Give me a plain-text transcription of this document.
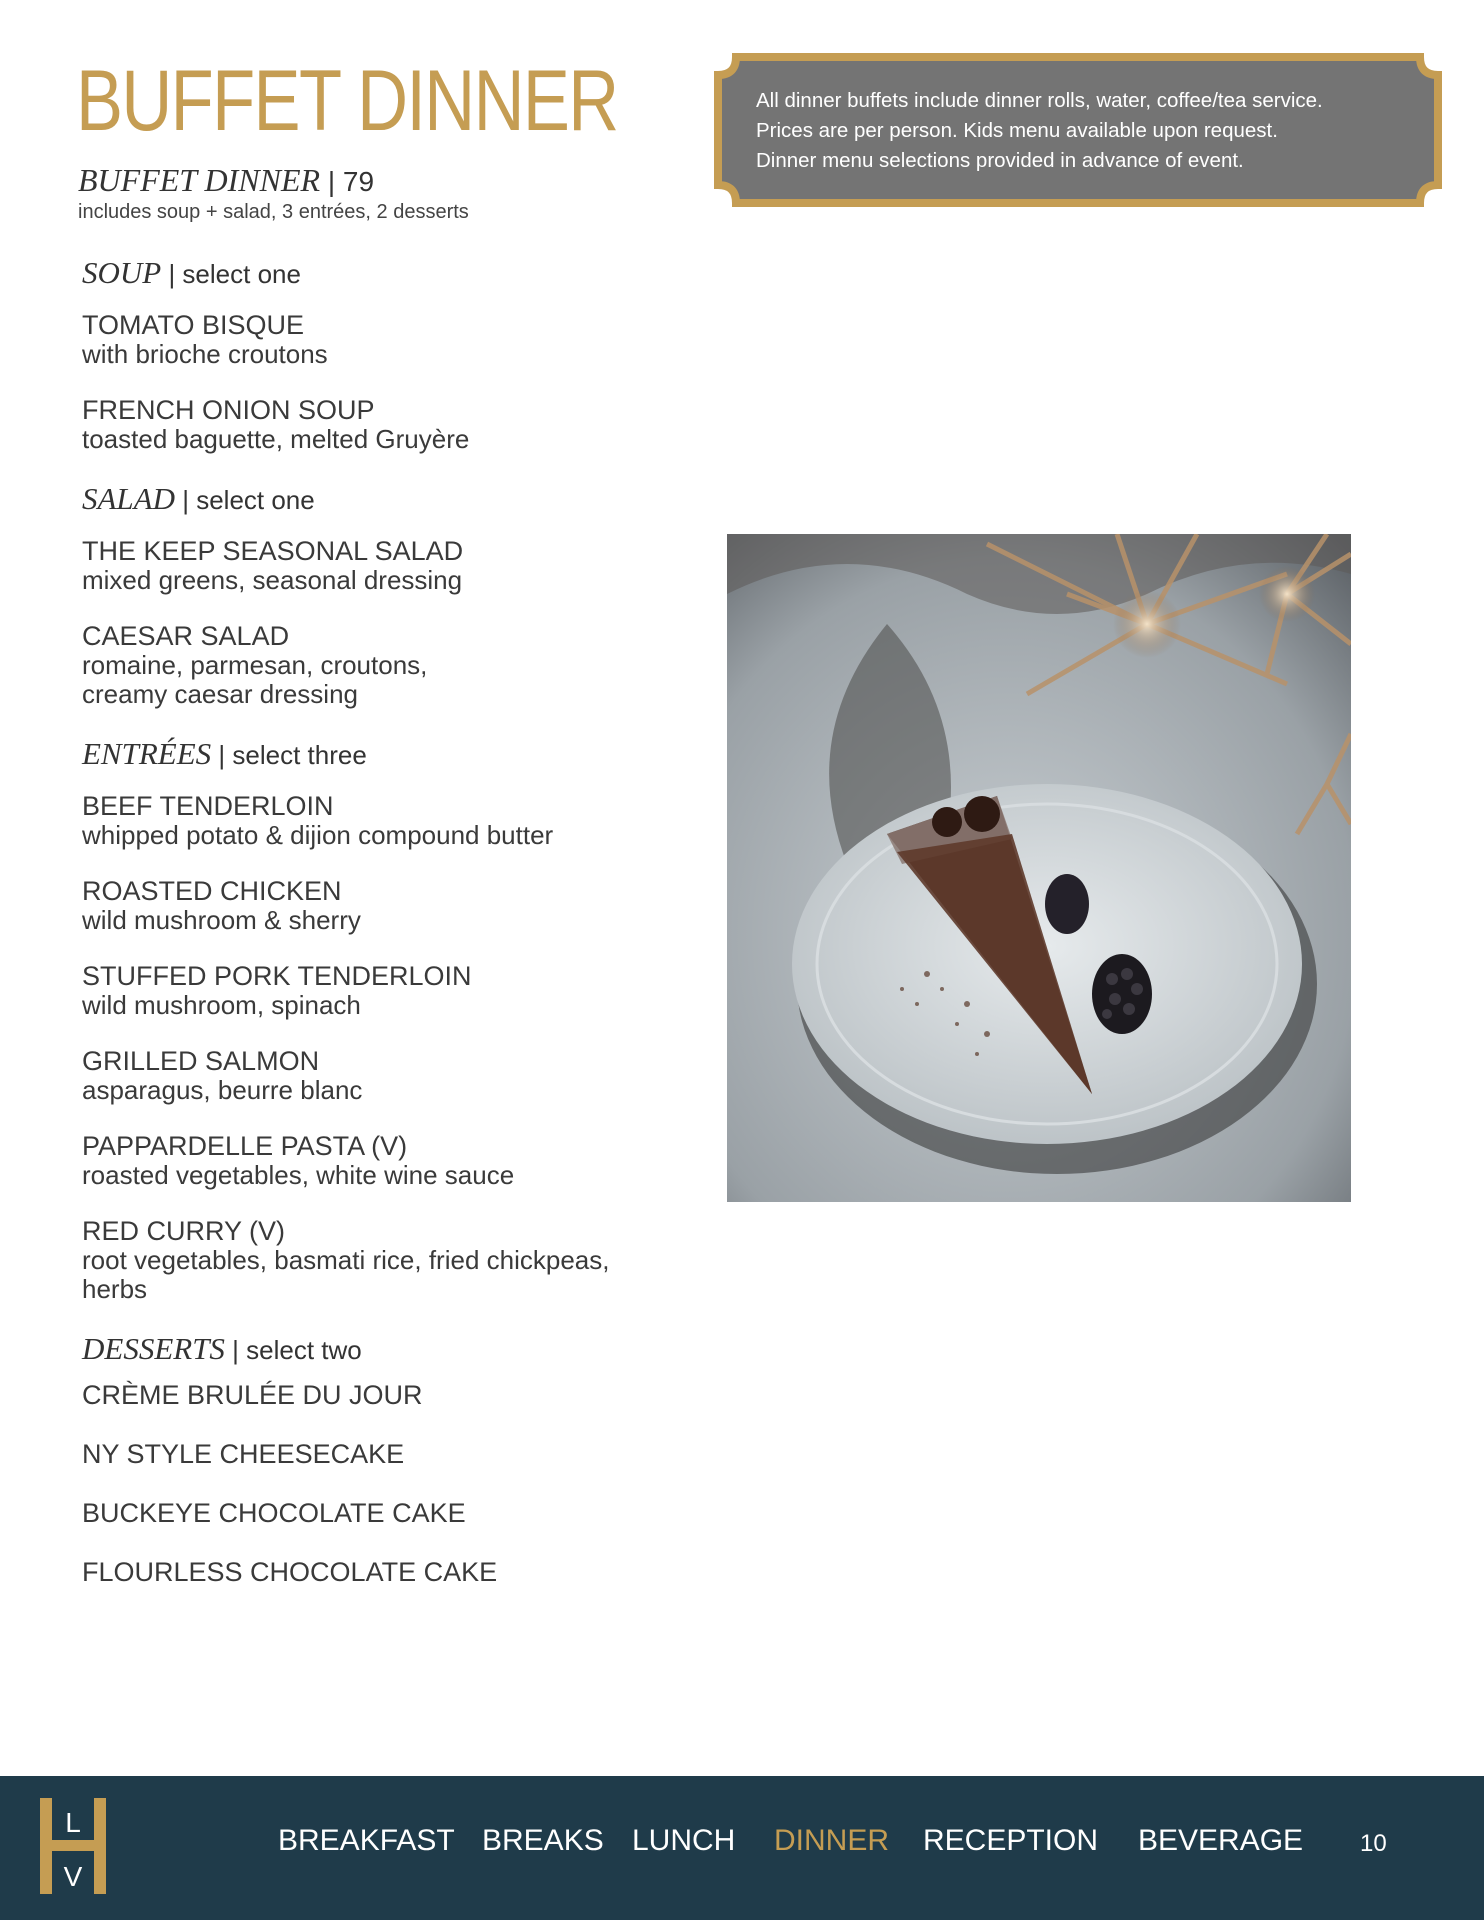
BUFFET DINNER
BUFFET DINNER | 79
includes soup + salad, 3 entrées, 2 desserts
All dinner buffets include dinner rolls, water, coffee/tea service.
Prices are per person. Kids menu available upon request.
Dinner menu selections provided in advance of event.
SOUP | select one
TOMATO BISQUE
with brioche croutons
FRENCH ONION SOUP
toasted baguette, melted Gruyère
SALAD | select one
THE KEEP SEASONAL SALAD
mixed greens, seasonal dressing
CAESAR SALAD
romaine, parmesan, croutons, creamy caesar dressing
ENTRÉES | select three
BEEF TENDERLOIN
whipped potato & dijion compound butter
ROASTED CHICKEN
wild mushroom & sherry
STUFFED PORK TENDERLOIN
wild mushroom, spinach
GRILLED SALMON
asparagus, beurre blanc
PAPPARDELLE PASTA (V)
roasted vegetables, white wine sauce
RED CURRY (V)
root vegetables, basmati rice, fried chickpeas, herbs
DESSERTS | select two
CRÈME BRULÉE DU JOUR
NY STYLE CHEESECAKE
BUCKEYE CHOCOLATE CAKE
FLOURLESS CHOCOLATE CAKE
L
V
BREAKFAST BREAKS LUNCH DINNER RECEPTION BEVERAGE 10
